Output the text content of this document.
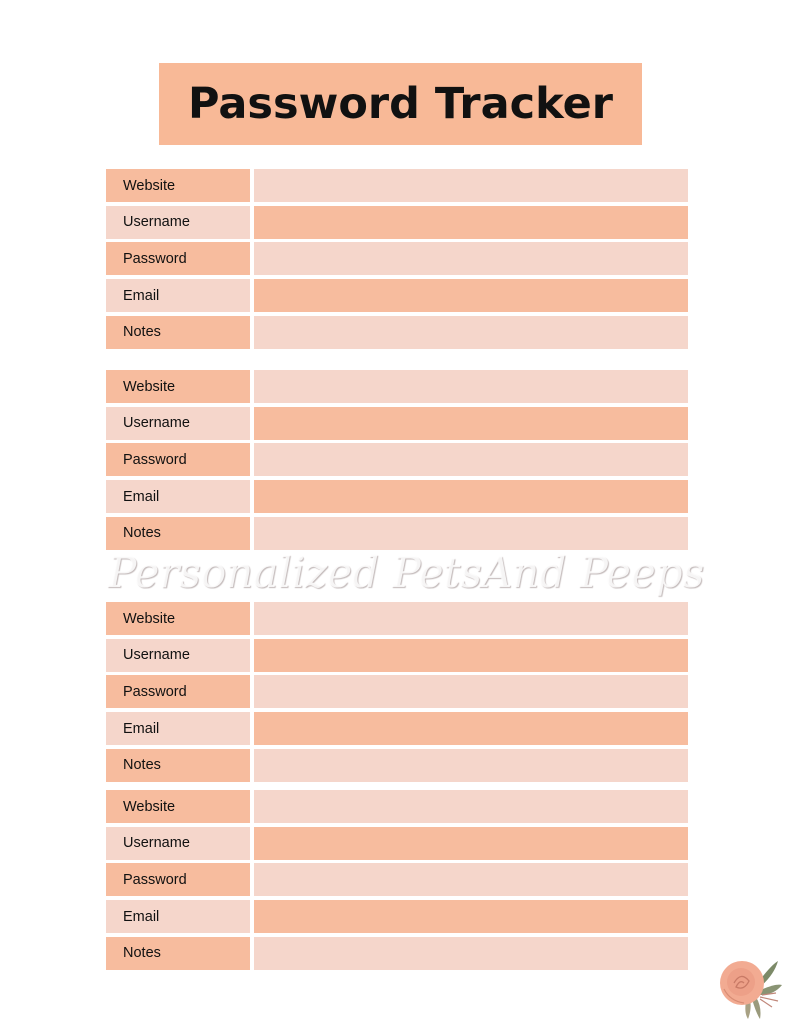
Password Tracker
Website
Username
Password
Email
Notes
Website
Username
Password
Email
Notes
Website
Username
Password
Email
Notes
Website
Username
Password
Email
Notes
Personalized PetsAnd Peeps
